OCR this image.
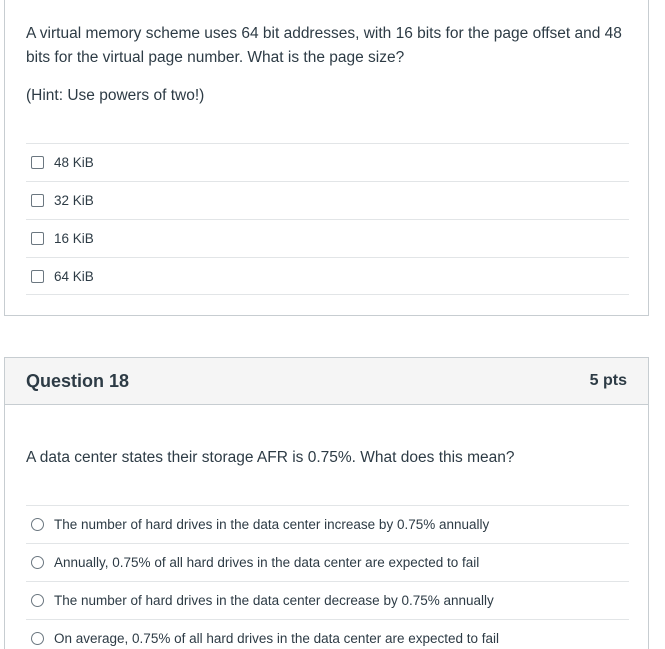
A virtual memory scheme uses 64 bit addresses, with 16 bits for the page offset and 48 bits for the virtual page number. What is the page size?
(Hint: Use powers of two!)
48 KiB
32 KiB
16 KiB
64 KiB
Question 18	5 pts
A data center states their storage AFR is 0.75%. What does this mean?
The number of hard drives in the data center increase by 0.75% annually
Annually, 0.75% of all hard drives in the data center are expected to fail
The number of hard drives in the data center decrease by 0.75% annually
On average, 0.75% of all hard drives in the data center are expected to fail
